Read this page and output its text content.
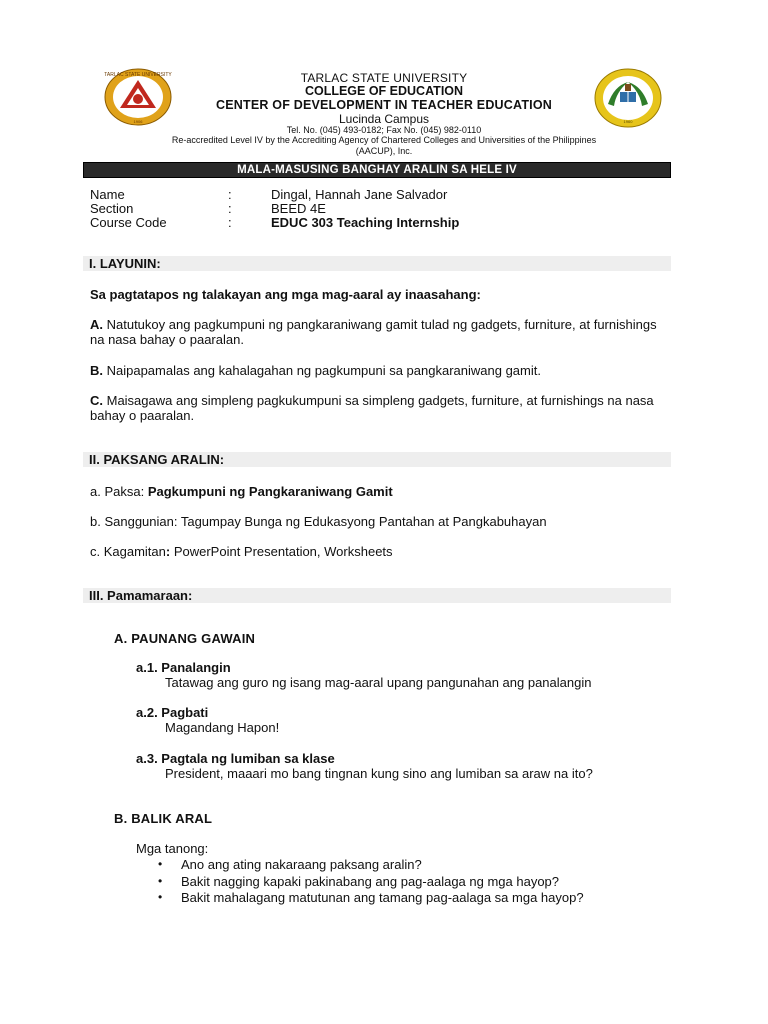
TARLAC STATE UNIVERSITY
1906	1960
TARLAC STATE UNIVERSITY
COLLEGE OF EDUCATION
CENTER OF DEVELOPMENT IN TEACHER EDUCATION
Lucinda Campus
Tel. No. (045) 493-0182; Fax No. (045) 982-0110
Re-accredited Level IV by the Accrediting Agency of Chartered Colleges and Universities of the Philippines (AACUP), Inc.
MALA-MASUSING BANGHAY ARALIN SA HELE IV
Name	:	Dingal, Hannah Jane Salvador
Section	:	BEED 4E
Course Code	:	EDUC 303 Teaching Internship
I. LAYUNIN:
Sa pagtatapos ng talakayan ang mga mag-aaral ay inaasahang:
A. Natutukoy ang pagkumpuni ng pangkaraniwang gamit tulad ng gadgets, furniture, at furnishings na nasa bahay o paaralan.
B. Naipapamalas ang kahalagahan ng pagkumpuni sa pangkaraniwang gamit.
C. Maisagawa ang simpleng pagkukumpuni sa simpleng gadgets, furniture, at furnishings na nasa bahay o paaralan.
II. PAKSANG ARALIN:
a. Paksa: Pagkumpuni ng Pangkaraniwang Gamit
b. Sanggunian: Tagumpay Bunga ng Edukasyong Pantahan at Pangkabuhayan
c. Kagamitan: PowerPoint Presentation, Worksheets
III. Pamamaraan:
A. PAUNANG GAWAIN
a.1. Panalangin
Tatawag ang guro ng isang mag-aaral upang pangunahan ang panalangin
a.2. Pagbati
Magandang Hapon!
a.3. Pagtala ng lumiban sa klase
President, maaari mo bang tingnan kung sino ang lumiban sa araw na ito?
B. BALIK ARAL
Mga tanong:
• Ano ang ating nakaraang paksang aralin?
• Bakit nagging kapaki pakinabang ang pag-aalaga ng mga hayop?
• Bakit mahalagang matutunan ang tamang pag-aalaga sa mga hayop?
